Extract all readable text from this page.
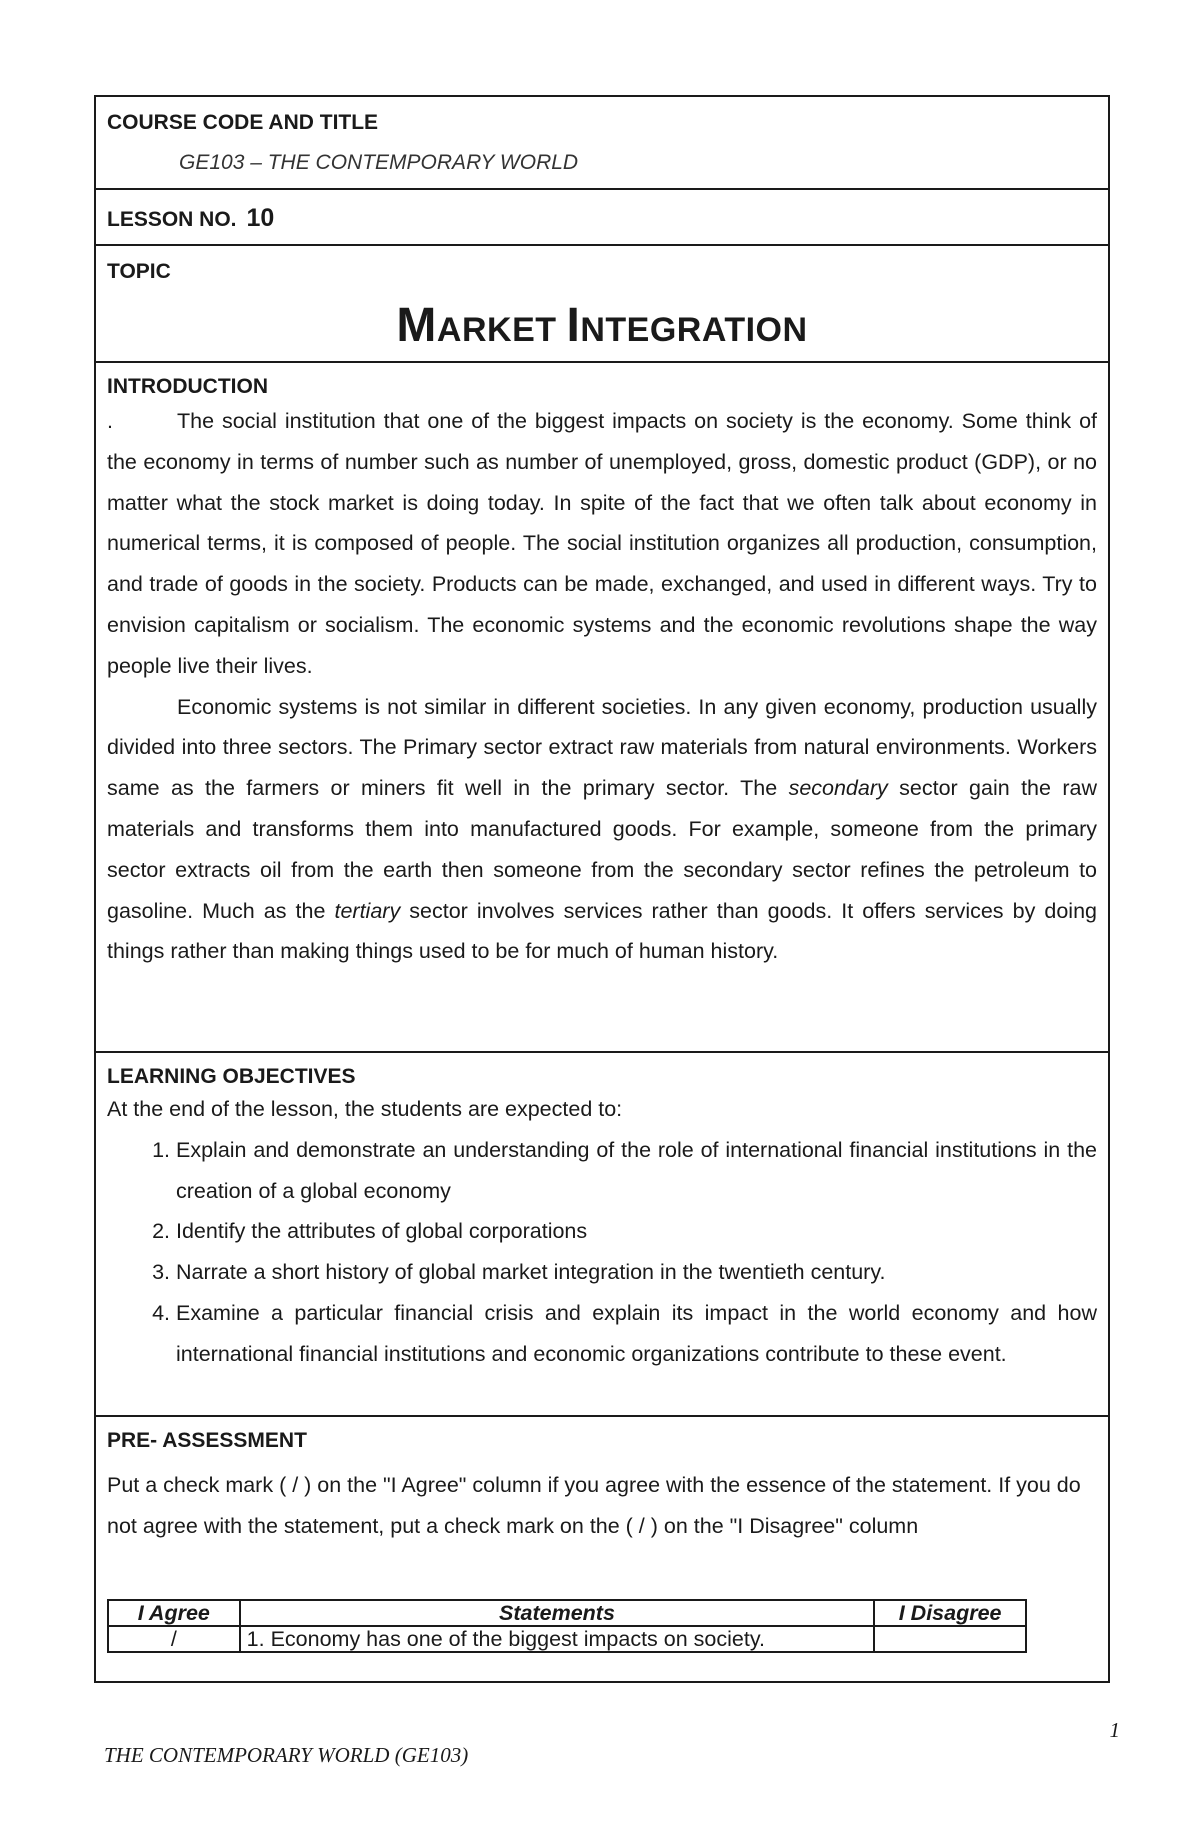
COURSE CODE AND TITLE
GE103 – THE CONTEMPORARY WORLD
LESSON NO. 10
TOPIC
MARKET INTEGRATION
INTRODUCTION

.	The social institution that one of the biggest impacts on society is the economy. Some think of the economy in terms of number such as number of unemployed, gross, domestic product (GDP), or no matter what the stock market is doing today. In spite of the fact that we often talk about economy in numerical terms, it is composed of people. The social institution organizes all production, consumption, and trade of goods in the society. Products can be made, exchanged, and used in different ways. Try to envision capitalism or socialism. The economic systems and the economic revolutions shape the way people live their lives.

Economic systems is not similar in different societies. In any given economy, production usually divided into three sectors. The Primary sector extract raw materials from natural environments. Workers same as the farmers or miners fit well in the primary sector. The secondary sector gain the raw materials and transforms them into manufactured goods. For example, someone from the primary sector extracts oil from the earth then someone from the secondary sector refines the petroleum to gasoline. Much as the tertiary sector involves services rather than goods. It offers services by doing things rather than making things used to be for much of human history.

LEARNING OBJECTIVES

At the end of the lesson, the students are expected to:

1. Explain and demonstrate an understanding of the role of international financial institutions in the creation of a global economy
2. Identify the attributes of global corporations
3. Narrate a short history of global market integration in the twentieth century.
4. Examine a particular financial crisis and explain its impact in the world economy and how international financial institutions and economic organizations contribute to these event.
PRE- ASSESSMENT

Put a check mark ( / ) on the "I Agree" column if you agree with the essence of the statement. If you do not agree with the statement, put a check mark on the ( / ) on the "I Disagree" column

I Agree	Statements	I Disagree
/	1. Economy has one of the biggest impacts on society.	
1
THE CONTEMPORARY WORLD (GE103)
